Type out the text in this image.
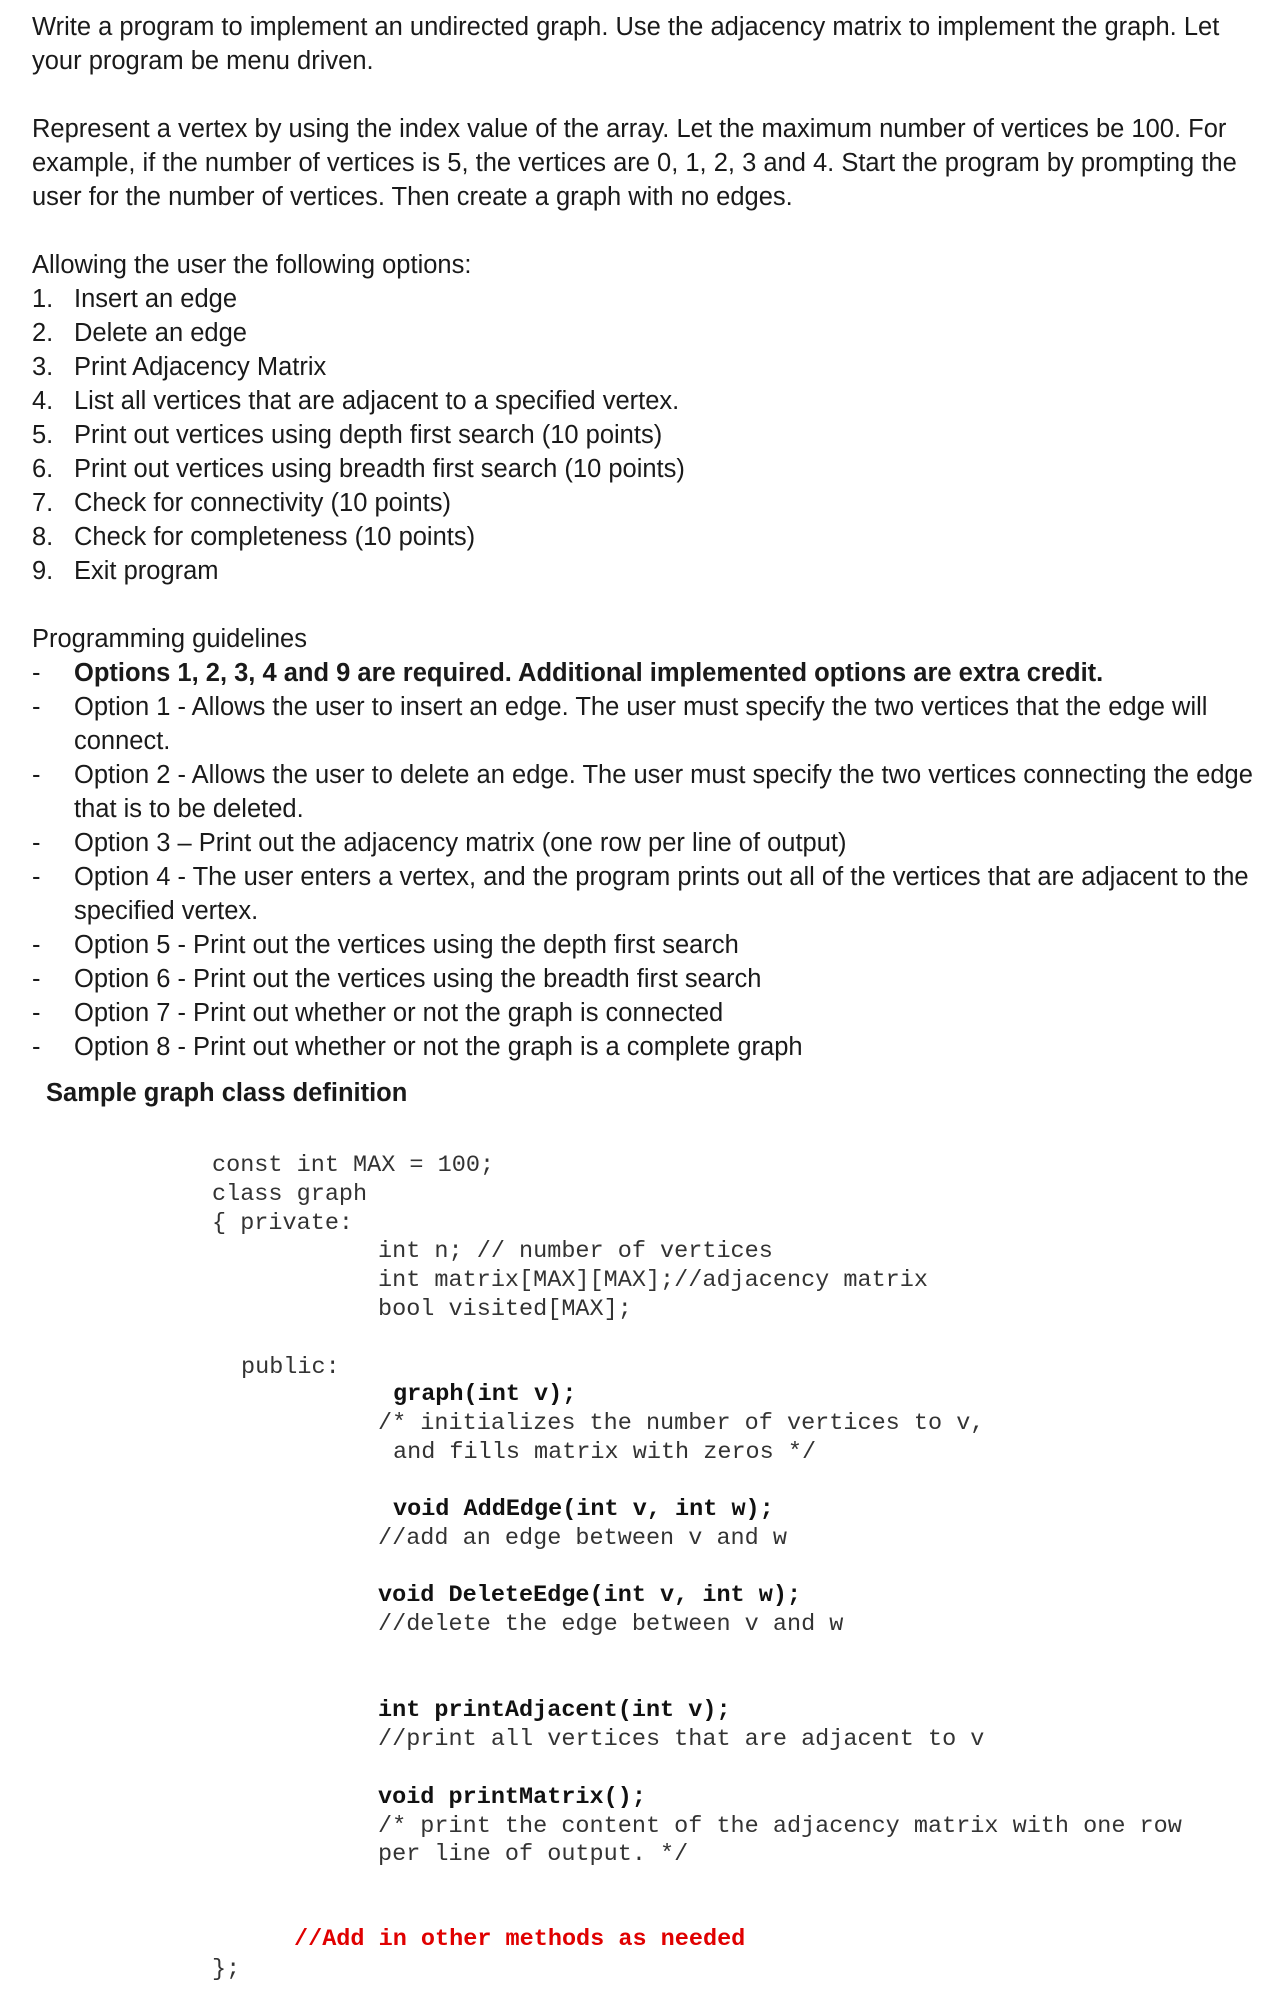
Write a program to implement an undirected graph. Use the adjacency matrix to implement the graph. Let your program be menu driven.

Represent a vertex by using the index value of the array. Let the maximum number of vertices be 100. For example, if the number of vertices is 5, the vertices are 0, 1, 2, 3 and 4. Start the program by prompting the user for the number of vertices. Then create a graph with no edges.

Allowing the user the following options:

1. Insert an edge
2. Delete an edge
3. Print Adjacency Matrix
4. List all vertices that are adjacent to a specified vertex.
5. Print out vertices using depth first search (10 points)
6. Print out vertices using breadth first search (10 points)
7. Check for connectivity (10 points)
8. Check for completeness (10 points)
9. Exit program

Programming guidelines

-	Options 1, 2, 3, 4 and 9 are required. Additional implemented options are extra credit.
-	Option 1 - Allows the user to insert an edge. The user must specify the two vertices that the edge will connect.
-	Option 2 - Allows the user to delete an edge. The user must specify the two vertices connecting the edge that is to be deleted.
-	Option 3 – Print out the adjacency matrix (one row per line of output)
-	Option 4 - The user enters a vertex, and the program prints out all of the vertices that are adjacent to the specified vertex.
-	Option 5 - Print out the vertices using the depth first search
-	Option 6 - Print out the vertices using the breadth first search
-	Option 7 - Print out whether or not the graph is connected
-	Option 8 - Print out whether or not the graph is a complete graph

Sample graph class definition

const int MAX = 100;
class graph
{ private:
int n; // number of vertices
int matrix[MAX][MAX];//adjacency matrix
bool visited[MAX];
public:
graph(int v);
/* initializes the number of vertices to v,
and fills matrix with zeros */
void AddEdge(int v, int w);
//add an edge between v and w
void DeleteEdge(int v, int w);
//delete the edge between v and w
int printAdjacent(int v);
//print all vertices that are adjacent to v
void printMatrix();
/* print the content of the adjacency matrix with one row
per line of output. */
//Add in other methods as needed
};
